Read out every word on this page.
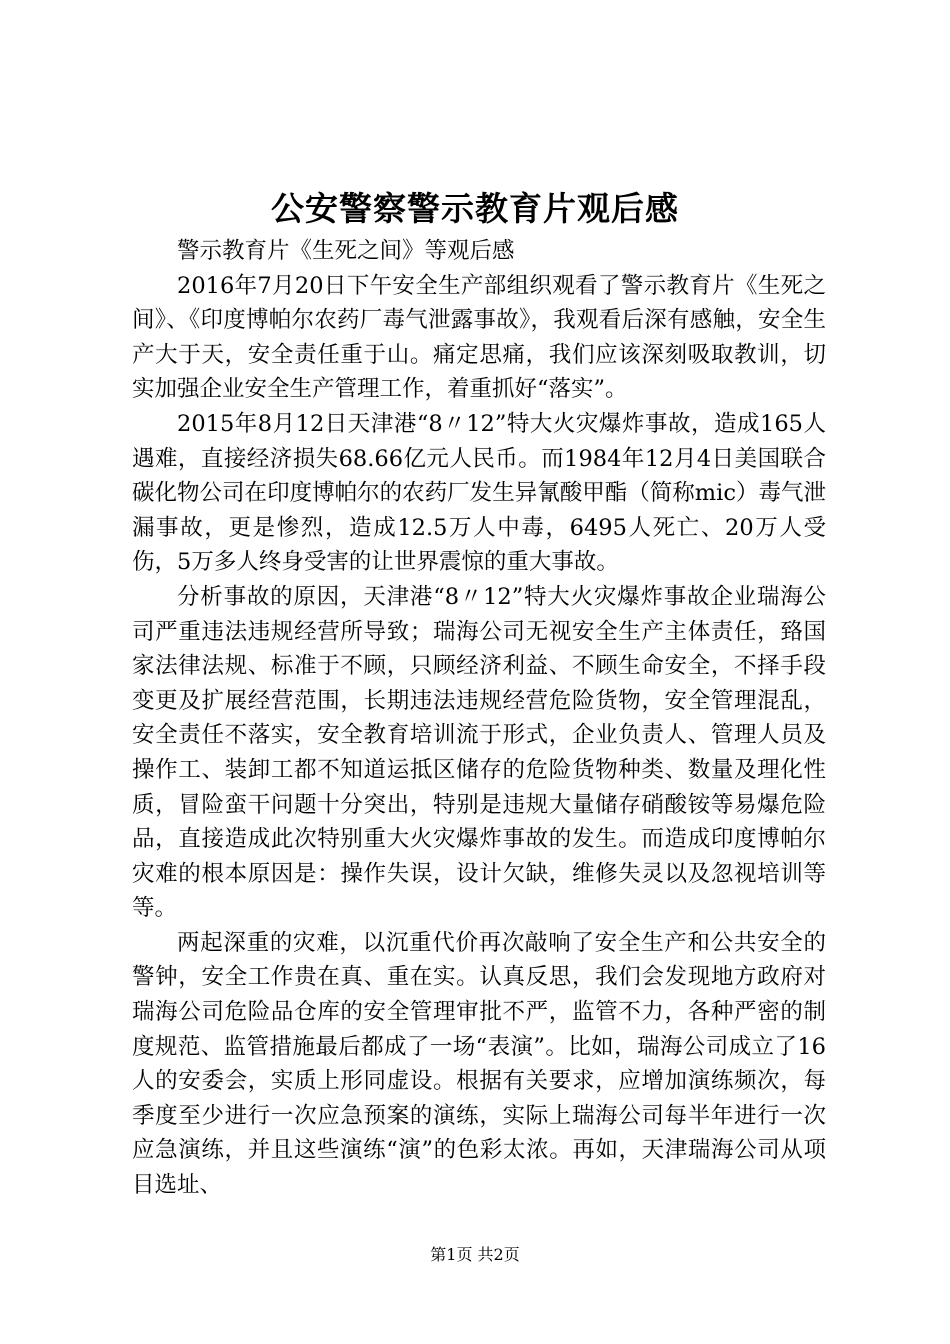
公安警察警示教育片观后感

警示教育片《生死之间》等观后感

2016年7月20日下午安全生产部组织观看了警示教育片《生死之间》、《印度博帕尔农药厂毒气泄露事故》，我观看后深有感触，安全生产大于天，安全责任重于山。痛定思痛，我们应该深刻吸取教训，切实加强企业安全生产管理工作，着重抓好“落实”。

2015年8月12日天津港“8〃12”特大火灾爆炸事故，造成165人遇难，直接经济损失68.66亿元人民币。而1984年12月4日美国联合碳化物公司在印度博帕尔的农药厂发生异氰酸甲酯（简称mic）毒气泄漏事故，更是惨烈，造成12.5万人中毒，6495人死亡、20万人受伤，5万多人终身受害的让世界震惊的重大事故。

分析事故的原因，天津港“8〃12”特大火灾爆炸事故企业瑞海公司严重违法违规经营所导致；瑞海公司无视安全生产主体责任，臵国家法律法规、标准于不顾，只顾经济利益、不顾生命安全，不择手段变更及扩展经营范围，长期违法违规经营危险货物，安全管理混乱，安全责任不落实，安全教育培训流于形式，企业负责人、管理人员及操作工、装卸工都不知道运抵区储存的危险货物种类、数量及理化性质，冒险蛮干问题十分突出，特别是违规大量储存硝酸铵等易爆危险品，直接造成此次特别重大火灾爆炸事故的发生。而造成印度博帕尔灾难的根本原因是：操作失误，设计欠缺，维修失灵以及忽视培训等等。

两起深重的灾难，以沉重代价再次敲响了安全生产和公共安全的警钟，安全工作贵在真、重在实。认真反思，我们会发现地方政府对瑞海公司危险品仓库的安全管理审批不严，监管不力，各种严密的制度规范、监管措施最后都成了一场“表演”。比如，瑞海公司成立了16人的安委会，实质上形同虚设。根据有关要求，应增加演练频次，每季度至少进行一次应急预案的演练，实际上瑞海公司每半年进行一次应急演练，并且这些演练“演”的色彩太浓。再如，天津瑞海公司从项目选址、

第1页 共2页
